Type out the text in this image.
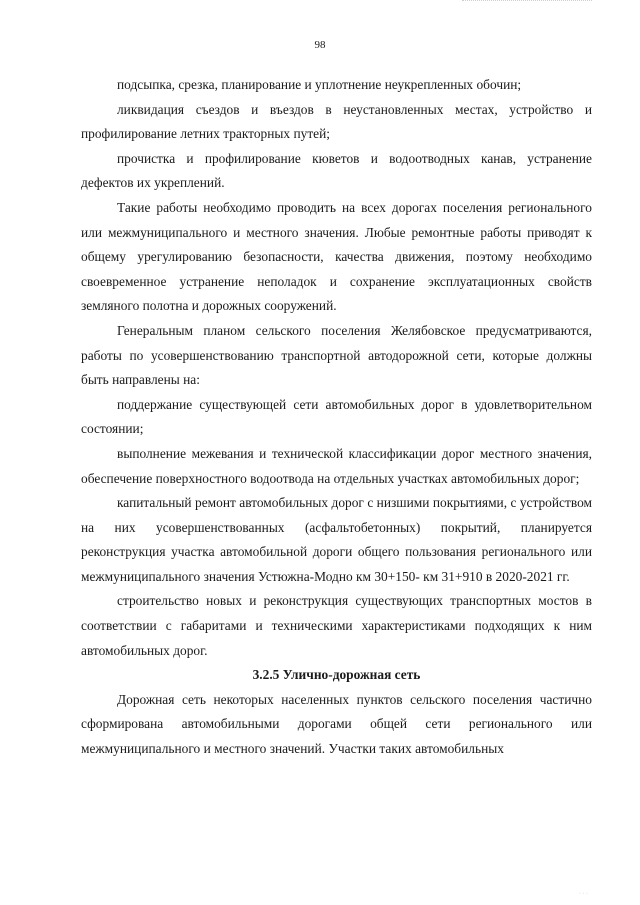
98

подсыпка, срезка, планирование и уплотнение неукрепленных обочин;

ликвидация съездов и въездов в неустановленных местах, устройство и профилирование летних тракторных путей;

прочистка и профилирование кюветов и водоотводных канав, устранение дефектов их укреплений.

Такие работы необходимо проводить на всех дорогах поселения регионального или межмуниципального и местного значения. Любые ремонтные работы приводят к общему урегулированию безопасности, качества движения, поэтому необходимо своевременное устранение неполадок и сохранение эксплуатационных свойств земляного полотна и дорожных сооружений.

Генеральным планом сельского поселения Желябовское предусматриваются, работы по усовершенствованию транспортной автодорожной сети, которые должны быть направлены на:

поддержание существующей сети автомобильных дорог в удовлетворительном состоянии;

выполнение межевания и технической классификации дорог местного значения, обеспечение поверхностного водоотвода на отдельных участках автомобильных дорог;

капитальный ремонт автомобильных дорог с низшими покрытиями, с устройством на них усовершенствованных (асфальтобетонных) покрытий, планируется реконструкция участка автомобильной дороги общего пользования регионального или межмуниципального значения Устюжна-Модно км 30+150- км 31+910 в 2020-2021 гг.

строительство новых и реконструкция существующих транспортных мостов в соответствии с габаритами и техническими характеристиками подходящих к ним автомобильных дорог.

3.2.5 Улично-дорожная сеть

Дорожная сеть некоторых населенных пунктов сельского поселения частично сформирована автомобильными дорогами общей сети регионального или межмуниципального и местного значений. Участки таких автомобильных

· · ·
